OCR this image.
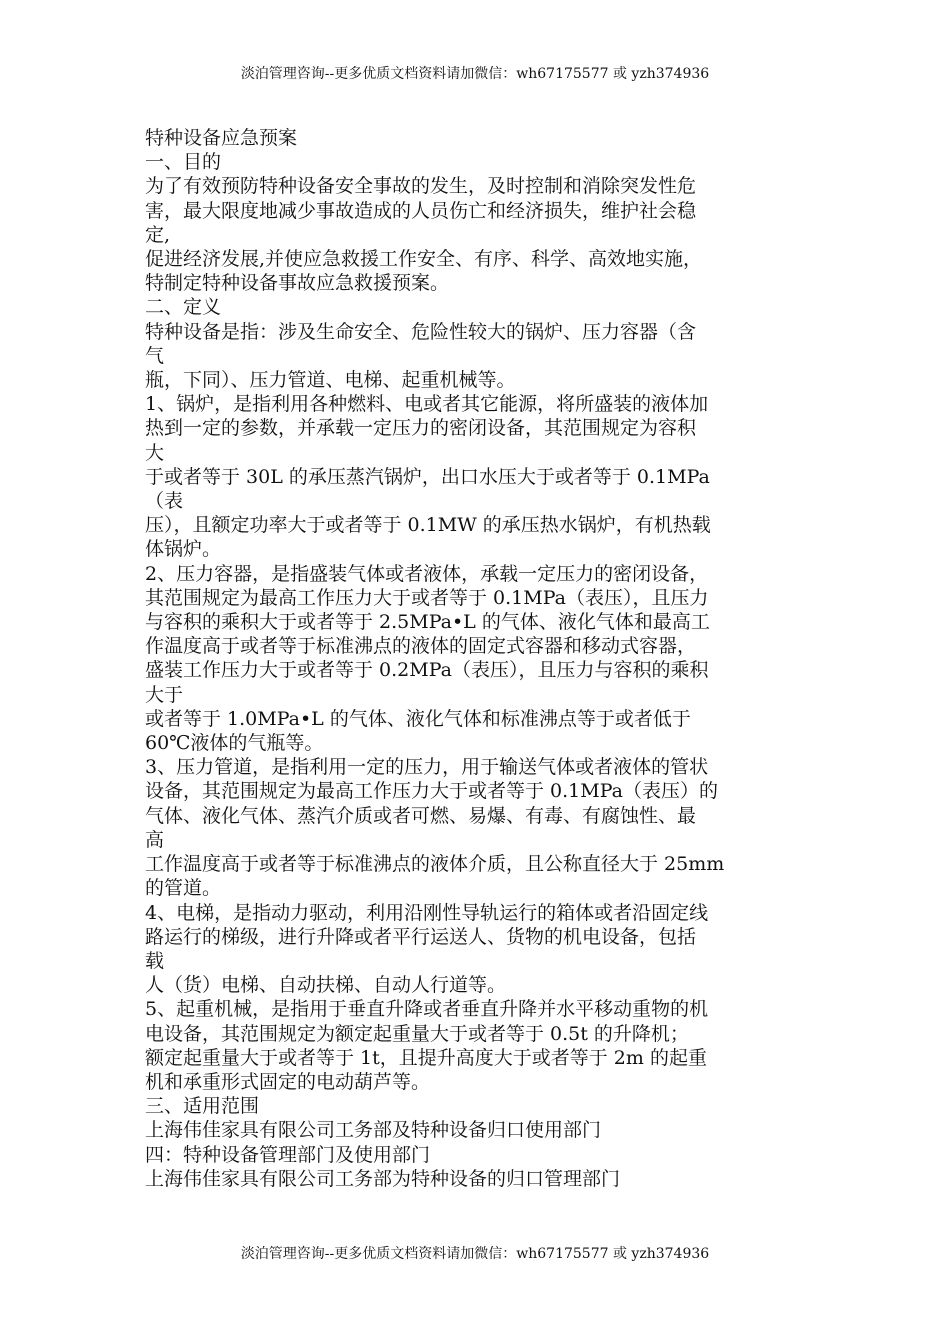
淡泊管理咨询--更多优质文档资料请加微信：wh67175577 或 yzh374936
特种设备应急预案
一、目的
为了有效预防特种设备安全事故的发生，及时控制和消除突发性危
害，最大限度地减少事故造成的人员伤亡和经济损失，维护社会稳
定,
促进经济发展,并使应急救援工作安全、有序、科学、高效地实施，
特制定特种设备事故应急救援预案。
二、定义
特种设备是指：涉及生命安全、危险性较大的锅炉、压力容器（含
气
瓶，下同）、压力管道、电梯、起重机械等。
1、锅炉，是指利用各种燃料、电或者其它能源，将所盛装的液体加
热到一定的参数，并承载一定压力的密闭设备，其范围规定为容积
大
于或者等于 30L 的承压蒸汽锅炉，出口水压大于或者等于 0.1MPa
（表
压），且额定功率大于或者等于 0.1MW 的承压热水锅炉，有机热载
体锅炉。
2、压力容器，是指盛装气体或者液体，承载一定压力的密闭设备，
其范围规定为最高工作压力大于或者等于 0.1MPa（表压），且压力
与容积的乘积大于或者等于 2.5MPa•L 的气体、液化气体和最高工
作温度高于或者等于标准沸点的液体的固定式容器和移动式容器，
盛装工作压力大于或者等于 0.2MPa（表压），且压力与容积的乘积
大于
或者等于 1.0MPa•L 的气体、液化气体和标准沸点等于或者低于
60℃液体的气瓶等。
3、压力管道，是指利用一定的压力，用于输送气体或者液体的管状
设备，其范围规定为最高工作压力大于或者等于 0.1MPa（表压）的
气体、液化气体、蒸汽介质或者可燃、易爆、有毒、有腐蚀性、最
高
工作温度高于或者等于标准沸点的液体介质，且公称直径大于 25mm
的管道。
4、电梯，是指动力驱动，利用沿刚性导轨运行的箱体或者沿固定线
路运行的梯级，进行升降或者平行运送人、货物的机电设备，包括
载
人（货）电梯、自动扶梯、自动人行道等。
5、起重机械，是指用于垂直升降或者垂直升降并水平移动重物的机
电设备，其范围规定为额定起重量大于或者等于 0.5t 的升降机；
额定起重量大于或者等于 1t，且提升高度大于或者等于 2m 的起重
机和承重形式固定的电动葫芦等。
三、适用范围
上海伟佳家具有限公司工务部及特种设备归口使用部门
四：特种设备管理部门及使用部门
上海伟佳家具有限公司工务部为特种设备的归口管理部门
淡泊管理咨询--更多优质文档资料请加微信：wh67175577 或 yzh374936
